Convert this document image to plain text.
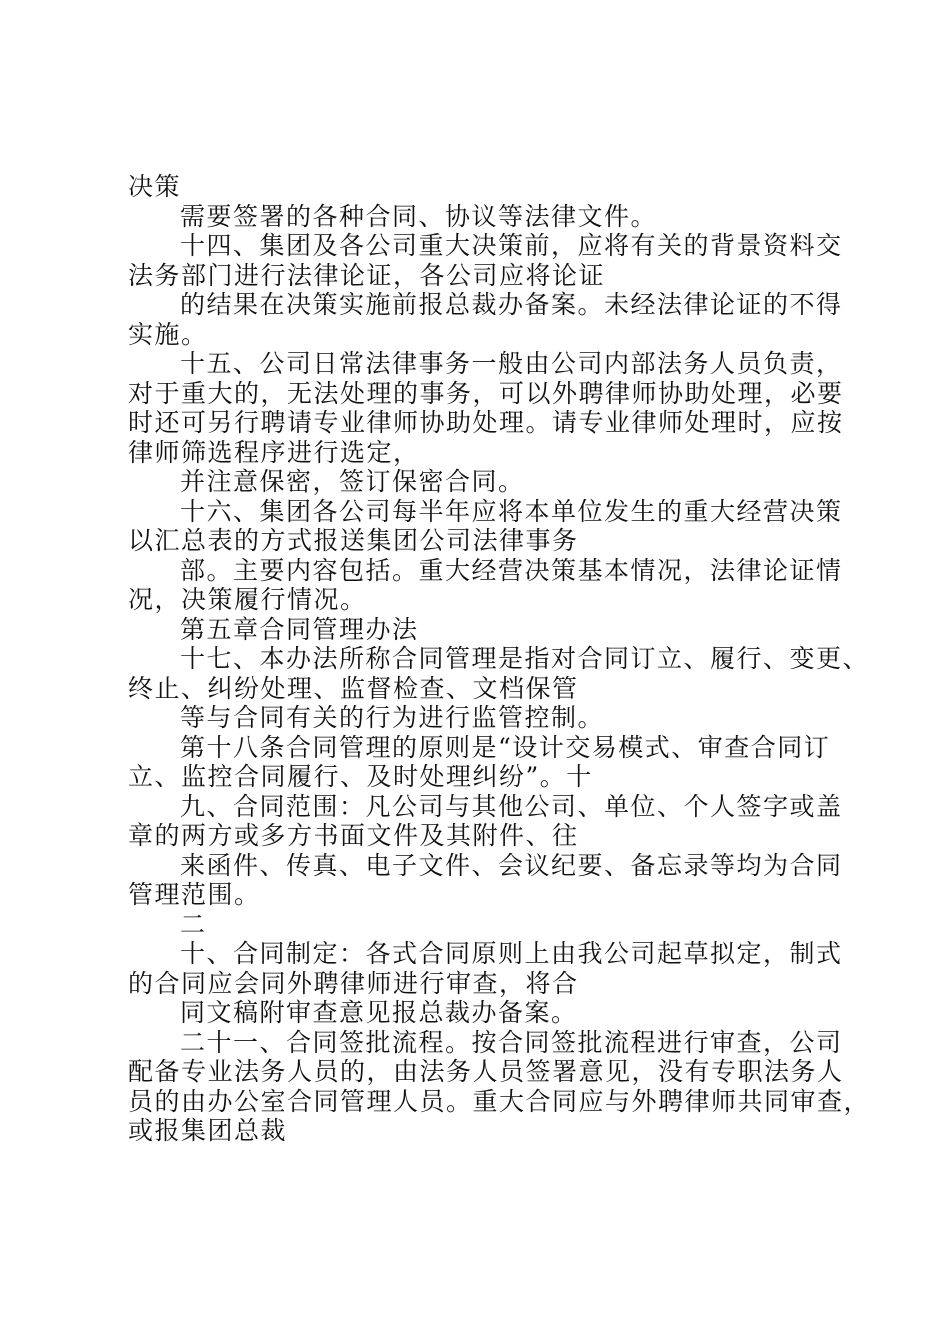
决策
需要签署的各种合同、协议等法律文件。
十四、集团及各公司重大决策前，应将有关的背景资料交
法务部门进行法律论证，各公司应将论证
的结果在决策实施前报总裁办备案。未经法律论证的不得
实施。
十五、公司日常法律事务一般由公司内部法务人员负责，
对于重大的，无法处理的事务，可以外聘律师协助处理，必要
时还可另行聘请专业律师协助处理。请专业律师处理时，应按
律师筛选程序进行选定，
并注意保密，签订保密合同。
十六、集团各公司每半年应将本单位发生的重大经营决策
以汇总表的方式报送集团公司法律事务
部。主要内容包括。重大经营决策基本情况，法律论证情
况，决策履行情况。
第五章合同管理办法
十七、本办法所称合同管理是指对合同订立、履行、变更、
终止、纠纷处理、监督检查、文档保管
等与合同有关的行为进行监管控制。
第十八条合同管理的原则是“设计交易模式、审查合同订
立、监控合同履行、及时处理纠纷”。十
九、合同范围：凡公司与其他公司、单位、个人签字或盖
章的两方或多方书面文件及其附件、往
来函件、传真、电子文件、会议纪要、备忘录等均为合同
管理范围。
二
十、合同制定：各式合同原则上由我公司起草拟定，制式
的合同应会同外聘律师进行审查，将合
同文稿附审查意见报总裁办备案。
二十一、合同签批流程。按合同签批流程进行审查，公司
配备专业法务人员的，由法务人员签署意见，没有专职法务人
员的由办公室合同管理人员。重大合同应与外聘律师共同审查，
或报集团总裁
